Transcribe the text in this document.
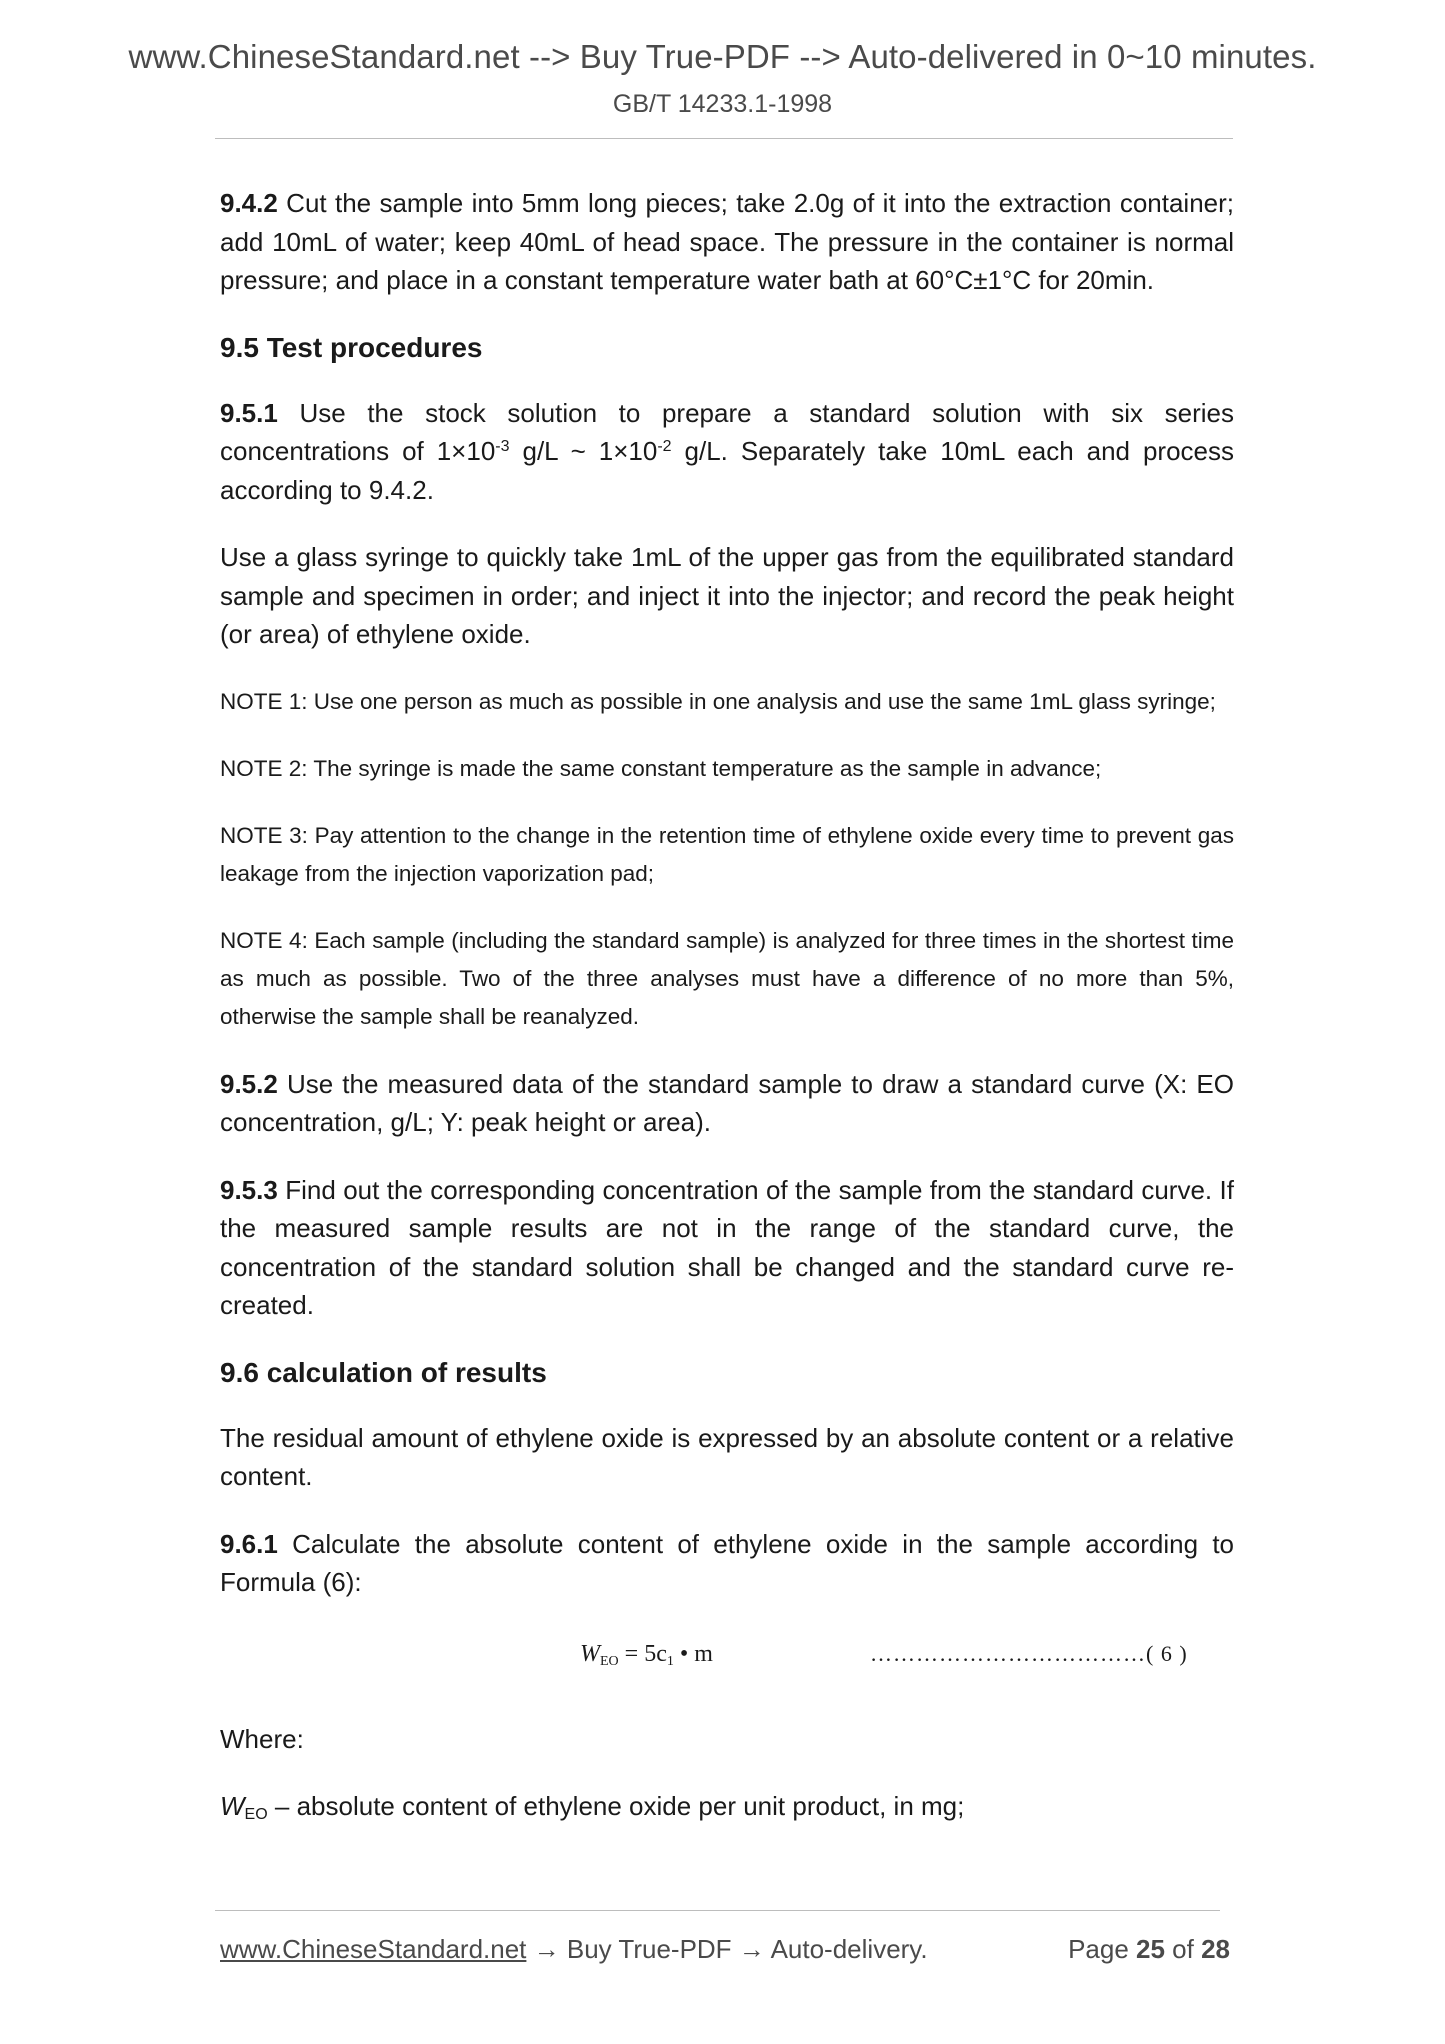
www.ChineseStandard.net --> Buy True-PDF --> Auto-delivered in 0~10 minutes.
GB/T 14233.1-1998

9.4.2 Cut the sample into 5mm long pieces; take 2.0g of it into the extraction container; add 10mL of water; keep 40mL of head space. The pressure in the container is normal pressure; and place in a constant temperature water bath at 60°C±1°C for 20min.

9.5 Test procedures

9.5.1 Use the stock solution to prepare a standard solution with six series concentrations of $1\times 10^{-3}$ g/L ~ $1\times 10^{-2}$ g/L. Separately take 10mL each and process according to 9.4.2.

Use a glass syringe to quickly take 1mL of the upper gas from the equilibrated standard sample and specimen in order; and inject it into the injector; and record the peak height (or area) of ethylene oxide.

NOTE 1: Use one person as much as possible in one analysis and use the same 1mL glass syringe;

NOTE 2: The syringe is made the same constant temperature as the sample in advance;

NOTE 3: Pay attention to the change in the retention time of ethylene oxide every time to prevent gas leakage from the injection vaporization pad;

NOTE 4: Each sample (including the standard sample) is analyzed for three times in the shortest time as much as possible. Two of the three analyses must have a difference of no more than 5%, otherwise the sample shall be reanalyzed.

9.5.2 Use the measured data of the standard sample to draw a standard curve (X: EO concentration, g/L; Y: peak height or area).

9.5.3 Find out the corresponding concentration of the sample from the standard curve. If the measured sample results are not in the range of the standard curve, the concentration of the standard solution shall be changed and the standard curve re-created.

9.6 calculation of results

The residual amount of ethylene oxide is expressed by an absolute content or a relative content.

9.6.1 Calculate the absolute content of ethylene oxide in the sample according to Formula (6):

WEO = 5c1 • m	………………………………( 6 )

Where:

$W_{EO}$ – absolute content of ethylene oxide per unit product, in mg;

www.ChineseStandard.net → Buy True-PDF → Auto-delivery.	Page 25 of 28
